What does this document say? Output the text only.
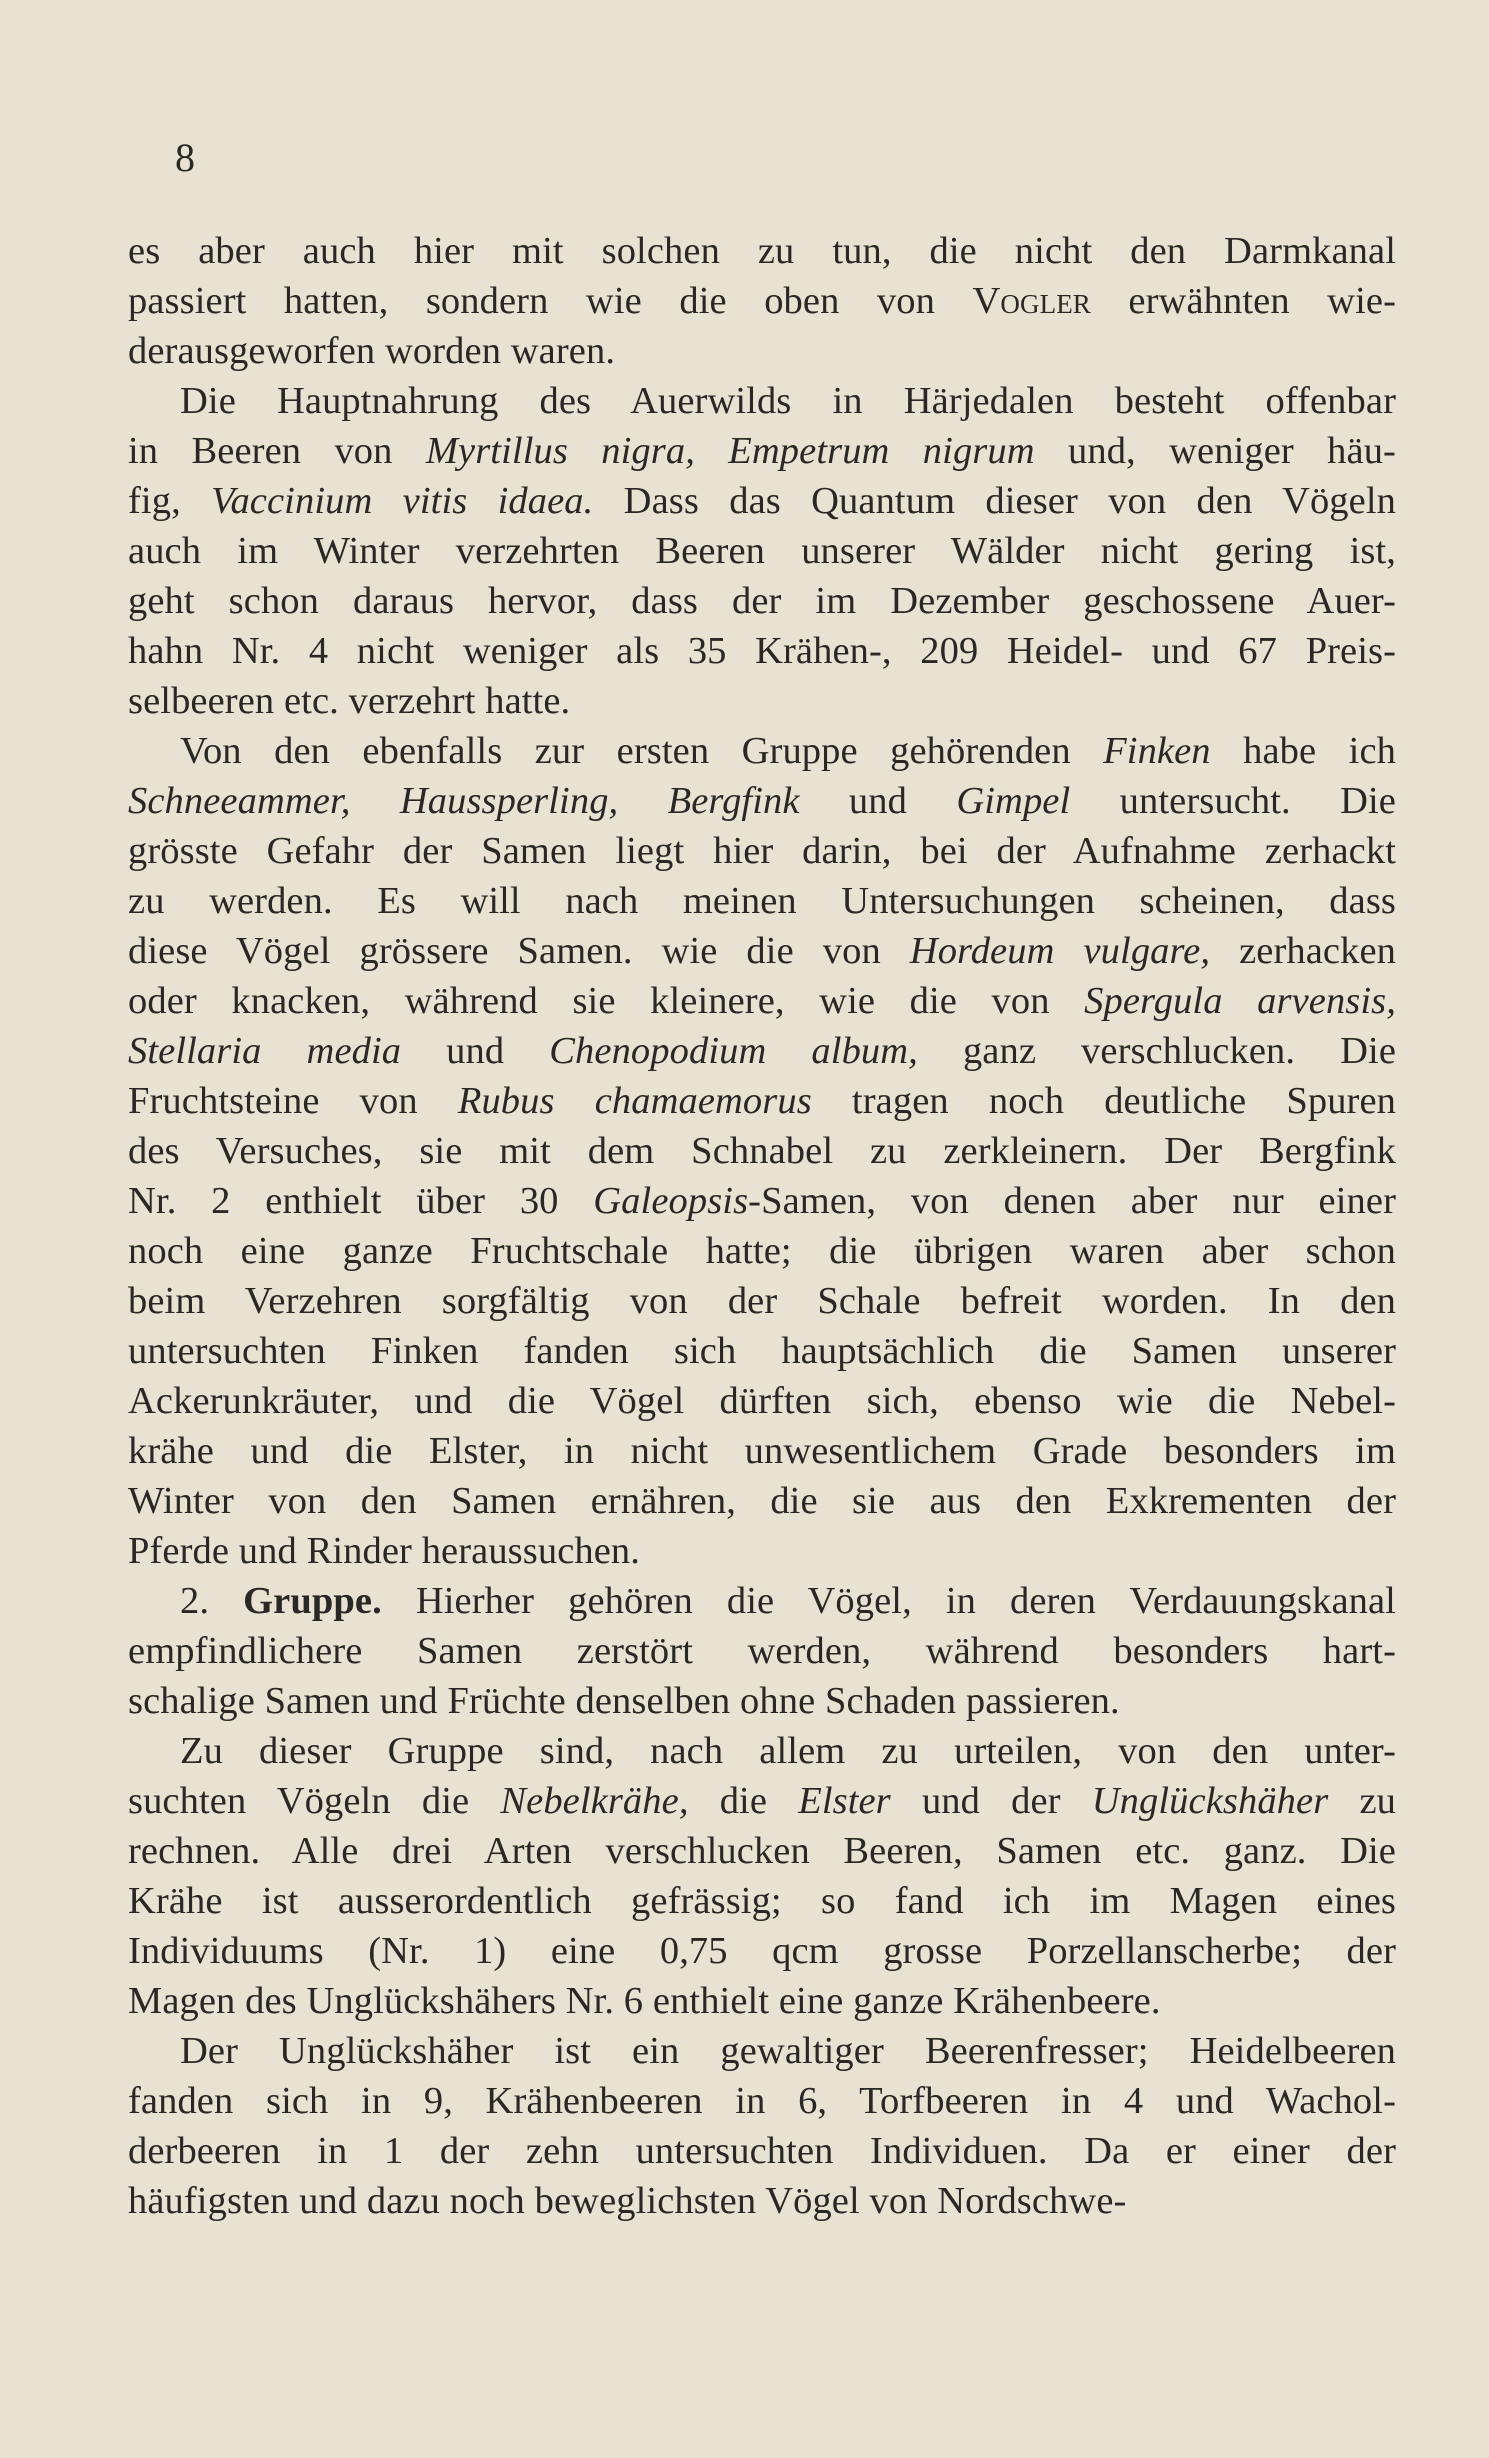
8
es aber auch hier mit solchen zu tun, die nicht den Darmkanal
passiert hatten, sondern wie die oben von Vogler erwähnten wie-
derausgeworfen worden waren.
Die Hauptnahrung des Auerwilds in Härjedalen besteht offenbar
in Beeren von Myrtillus nigra, Empetrum nigrum und, weniger häu-
fig, Vaccinium vitis idaea. Dass das Quantum dieser von den Vögeln
auch im Winter verzehrten Beeren unserer Wälder nicht gering ist,
geht schon daraus hervor, dass der im Dezember geschossene Auer-
hahn Nr. 4 nicht weniger als 35 Krähen-, 209 Heidel- und 67 Preis-
selbeeren etc. verzehrt hatte.
Von den ebenfalls zur ersten Gruppe gehörenden Finken habe ich
Schneeammer, Haussperling, Bergfink und Gimpel untersucht. Die
grösste Gefahr der Samen liegt hier darin, bei der Aufnahme zerhackt
zu werden. Es will nach meinen Untersuchungen scheinen, dass
diese Vögel grössere Samen. wie die von Hordeum vulgare, zerhacken
oder knacken, während sie kleinere, wie die von Spergula arvensis,
Stellaria media und Chenopodium album, ganz verschlucken. Die
Fruchtsteine von Rubus chamaemorus tragen noch deutliche Spuren
des Versuches, sie mit dem Schnabel zu zerkleinern. Der Bergfink
Nr. 2 enthielt über 30 Galeopsis-Samen, von denen aber nur einer
noch eine ganze Fruchtschale hatte; die übrigen waren aber schon
beim Verzehren sorgfältig von der Schale befreit worden. In den
untersuchten Finken fanden sich hauptsächlich die Samen unserer
Ackerunkräuter, und die Vögel dürften sich, ebenso wie die Nebel-
krähe und die Elster, in nicht unwesentlichem Grade besonders im
Winter von den Samen ernähren, die sie aus den Exkrementen der
Pferde und Rinder heraussuchen.
2. Gruppe. Hierher gehören die Vögel, in deren Verdauungskanal
empfindlichere Samen zerstört werden, während besonders hart-
schalige Samen und Früchte denselben ohne Schaden passieren.
Zu dieser Gruppe sind, nach allem zu urteilen, von den unter-
suchten Vögeln die Nebelkrähe, die Elster und der Unglückshäher zu
rechnen. Alle drei Arten verschlucken Beeren, Samen etc. ganz. Die
Krähe ist ausserordentlich gefrässig; so fand ich im Magen eines
Individuums (Nr. 1) eine 0,75 qcm grosse Porzellanscherbe; der
Magen des Unglückshähers Nr. 6 enthielt eine ganze Krähenbeere.
Der Unglückshäher ist ein gewaltiger Beerenfresser; Heidelbeeren
fanden sich in 9, Krähenbeeren in 6, Torfbeeren in 4 und Wachol-
derbeeren in 1 der zehn untersuchten Individuen. Da er einer der
häufigsten und dazu noch beweglichsten Vögel von Nordschwe-
